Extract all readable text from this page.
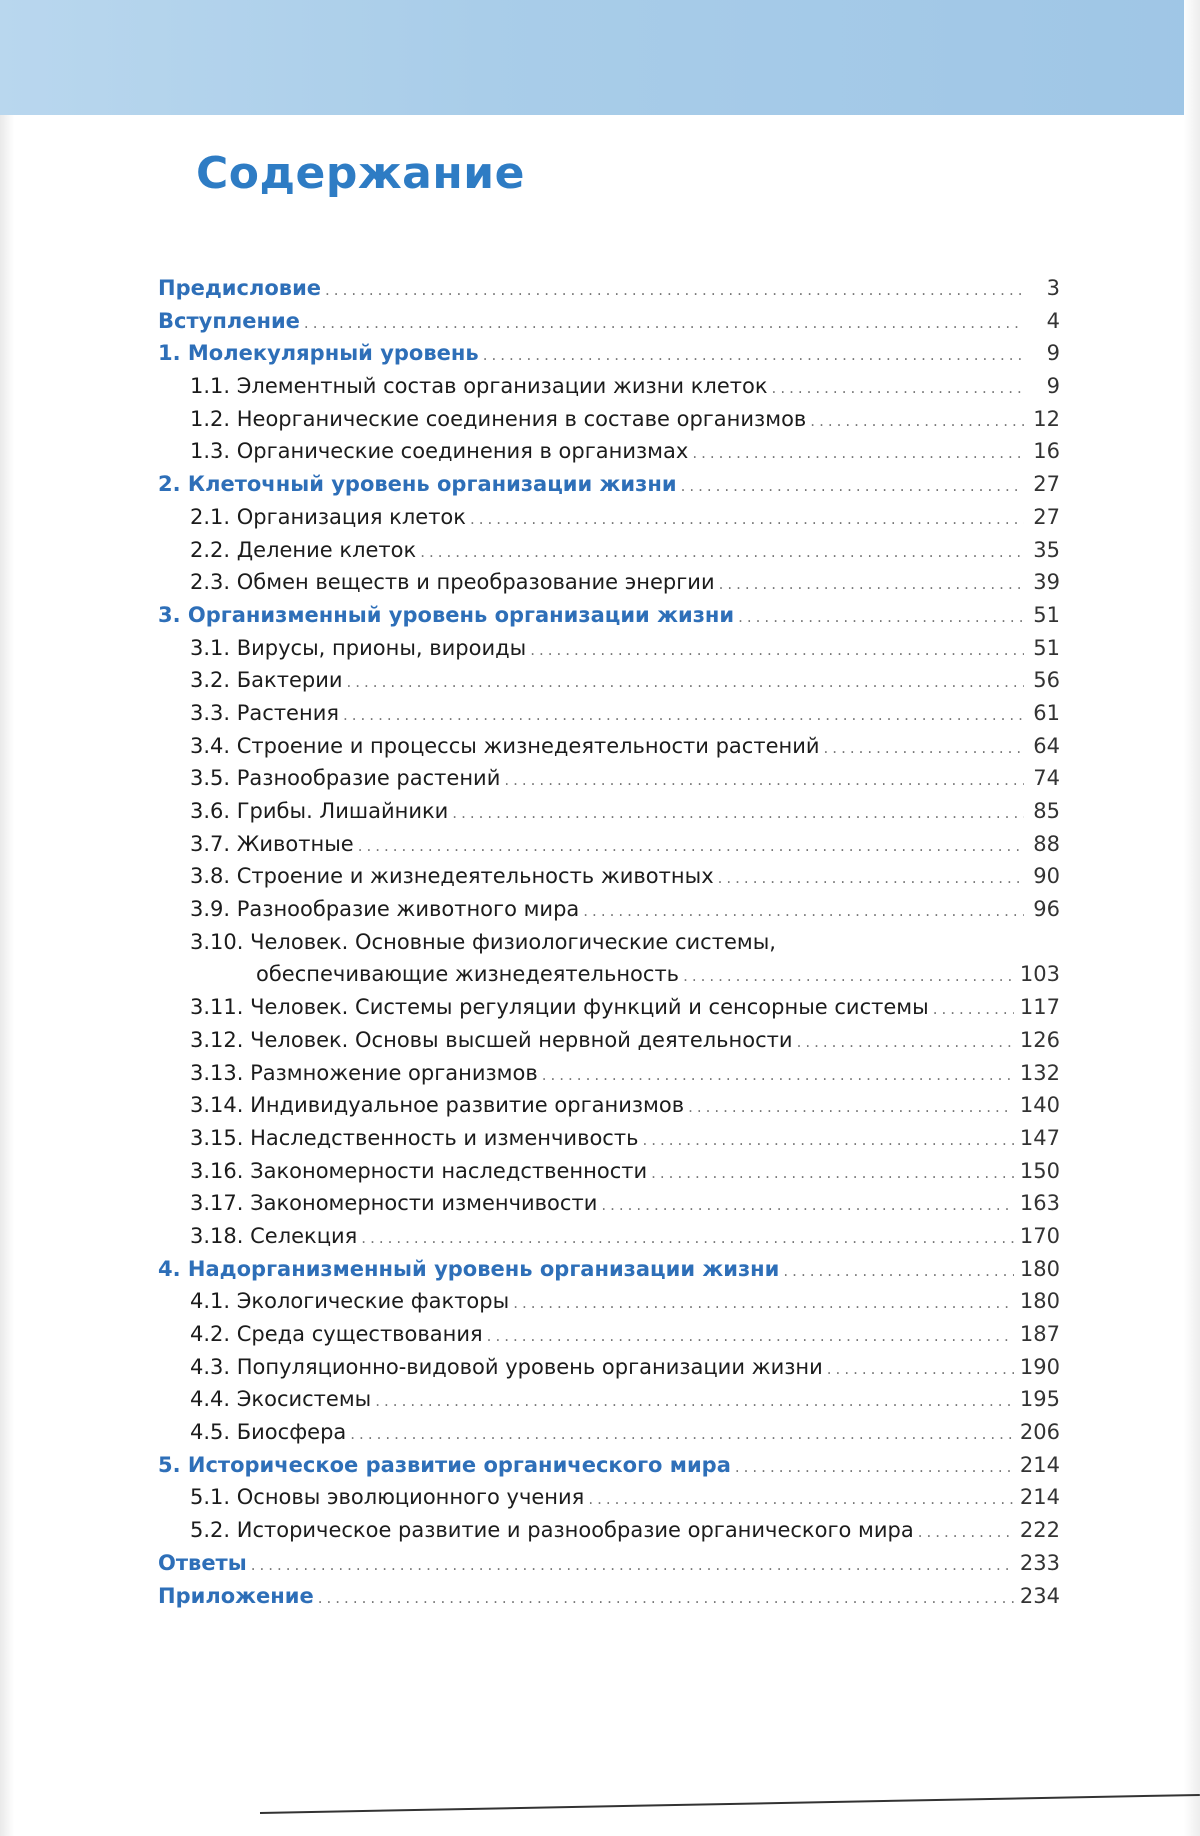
Содержание
Предисловие .....	3
Вступление .....	4
1. Молекулярный уровень .....	9
1.1. Элементный состав организации жизни клеток .....	9
1.2. Неорганические соединения в составе организмов .....	12
1.3. Органические соединения в организмах .....	16
2. Клеточный уровень организации жизни .....	27
2.1. Организация клеток .....	27
2.2. Деление клеток .....	35
2.3. Обмен веществ и преобразование энергии .....	39
3. Организменный уровень организации жизни .....	51
3.1. Вирусы, прионы, вироиды .....	51
3.2. Бактерии .....	56
3.3. Растения .....	61
3.4. Строение и процессы жизнедеятельности растений .....	64
3.5. Разнообразие растений .....	74
3.6. Грибы. Лишайники .....	85
3.7. Животные .....	88
3.8. Строение и жизнедеятельность животных .....	90
3.9. Разнообразие животного мира .....	96
3.10. Человек. Основные физиологические системы,
обеспечивающие жизнедеятельность .....	103
3.11. Человек. Системы регуляции функций и сенсорные системы .....	117
3.12. Человек. Основы высшей нервной деятельности .....	126
3.13. Размножение организмов .....	132
3.14. Индивидуальное развитие организмов .....	140
3.15. Наследственность и изменчивость .....	147
3.16. Закономерности наследственности .....	150
3.17. Закономерности изменчивости .....	163
3.18. Селекция .....	170
4. Надорганизменный уровень организации жизни .....	180
4.1. Экологические факторы .....	180
4.2. Среда существования .....	187
4.3. Популяционно-видовой уровень организации жизни .....	190
4.4. Экосистемы .....	195
4.5. Биосфера .....	206
5. Историческое развитие органического мира .....	214
5.1. Основы эволюционного учения .....	214
5.2. Историческое развитие и разнообразие органического мира .....	222
Ответы .....	233
Приложение .....	234
